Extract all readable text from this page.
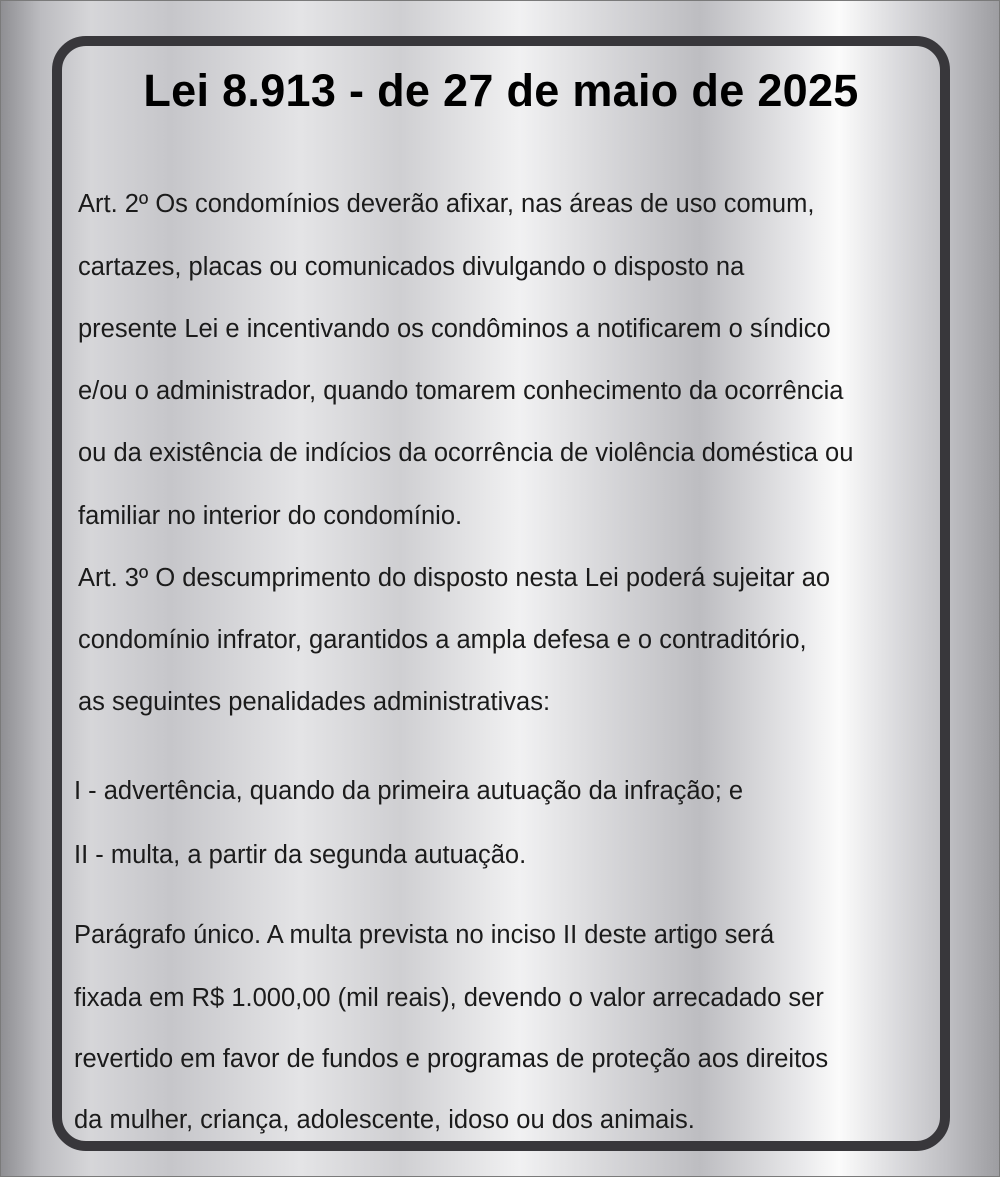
Lei 8.913 - de 27 de maio de 2025

Art. 2º Os condomínios deverão afixar, nas áreas de uso comum,

cartazes, placas ou comunicados divulgando o disposto na

presente Lei e incentivando os condôminos a notificarem o síndico

e/ou o administrador, quando tomarem conhecimento da ocorrência

ou da existência de indícios da ocorrência de violência doméstica ou

familiar no interior do condomínio.

Art. 3º O descumprimento do disposto nesta Lei poderá sujeitar ao

condomínio infrator, garantidos a ampla defesa e o contraditório,

as seguintes penalidades administrativas:

I - advertência, quando da primeira autuação da infração; e

II - multa, a partir da segunda autuação.

Parágrafo único. A multa prevista no inciso II deste artigo será

fixada em R$ 1.000,00 (mil reais), devendo o valor arrecadado ser

revertido em favor de fundos e programas de proteção aos direitos

da mulher, criança, adolescente, idoso ou dos animais.
